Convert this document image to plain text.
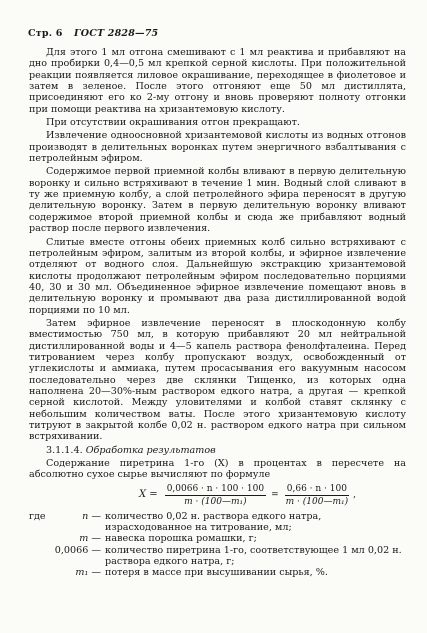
Стр. 6 ГОСТ 2828—75

Для этого 1 мл отгона смешивают с 1 мл реактива и прибавляют на дно пробирки 0,4—0,5 мл крепкой серной кислоты. При положительной реакции появляется лиловое окрашивание, переходящее в фиолетовое и затем в зеленое. После этого отгоняют еще 50 мл дистиллята, присоединяют его ко 2-му отгону и вновь проверяют полноту отгонки при помощи реактива на хризантемовую кислоту.

При отсутствии окрашивания отгон прекращают.

Извлечение одноосновной хризантемовой кислоты из водных отгонов производят в делительных воронках путем энергичного взбалтывания с петролейным эфиром.

Содержимое первой приемной колбы вливают в первую делительную воронку и сильно встряхивают в течение 1 мин. Водный слой сливают в ту же приемную колбу, а слой петролейного эфира переносят в другую делительную воронку. Затем в первую делительную воронку вливают содержимое второй приемной колбы и сюда же прибавляют водный раствор после первого извлечения.

Слитые вместе отгоны обеих приемных колб сильно встряхивают с петролейным эфиром, залитым из второй колбы, и эфирное извлечение отделяют от водного слоя. Дальнейшую экстракцию хризантемовой кислоты продолжают петролейным эфиром последовательно порциями 40, 30 и 30 мл. Объединенное эфирное извлечение помещают вновь в делительную воронку и промывают два раза дистиллированной водой порциями по 10 мл.

Затем эфирное извлечение переносят в плоскодонную колбу вместимостью 750 мл, в которую прибавляют 20 мл нейтральной дистиллированной воды и 4—5 капель раствора фенолфталеина. Перед титрованием через колбу пропускают воздух, освобожденный от углекислоты и аммиака, путем просасывания его вакуумным насосом последовательно через две склянки Тищенко, из которых одна наполнена 20—30%-ным раствором едкого натра, а другая — крепкой серной кислотой. Между уловителями и колбой ставят склянку с небольшим количеством ваты. После этого хризантемовую кислоту титруют в закрытой колбе 0,02 н. раствором едкого натра при сильном встряхивании.

3.1.1.4. Обработка результатов

Содержание пиретрина 1-го (X) в процентах в пересчете на абсолютно сухое сырье вычисляют по формуле

$X = \frac{0,0066 \cdot n \cdot 100 \cdot 100}{\text{m · (100—m₁)}} = \frac{0,66 \cdot n \cdot 100}{\text{m · (100—m₁)}}$ ,
где	n — количество 0,02 н. раствора едкого натра, израсходованное на титрование, мл;
m — навеска порошка ромашки, г;
0,0066 — количество пиретрина 1-го, соответствующее 1 мл 0,02 н. раствора едкого натра, г;
m₁ — потеря в массе при высушивании сырья, %.
